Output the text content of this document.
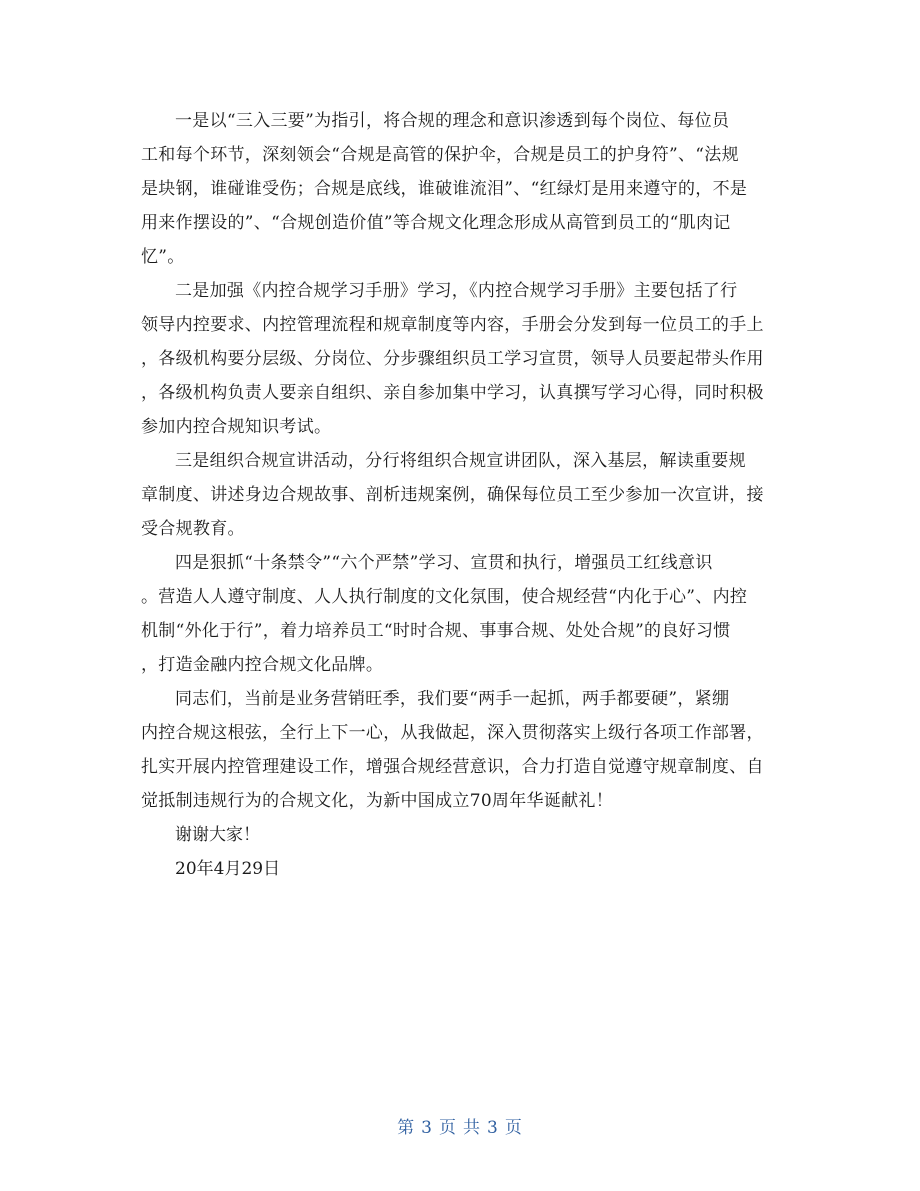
一是以“三入三要”为指引，将合规的理念和意识渗透到每个岗位、每位员
工和每个环节，深刻领会“合规是高管的保护伞，合规是员工的护身符”、“法规
是块钢，谁碰谁受伤；合规是底线，谁破谁流泪”、“红绿灯是用来遵守的，不是
用来作摆设的”、“合规创造价值”等合规文化理念形成从高管到员工的“肌肉记
忆”。
二是加强《内控合规学习手册》学习，《内控合规学习手册》主要包括了行
领导内控要求、内控管理流程和规章制度等内容，手册会分发到每一位员工的手上
，各级机构要分层级、分岗位、分步骤组织员工学习宣贯，领导人员要起带头作用
，各级机构负责人要亲自组织、亲自参加集中学习，认真撰写学习心得，同时积极
参加内控合规知识考试。
三是组织合规宣讲活动，分行将组织合规宣讲团队，深入基层，解读重要规
章制度、讲述身边合规故事、剖析违规案例，确保每位员工至少参加一次宣讲，接
受合规教育。
四是狠抓“十条禁令”“六个严禁”学习、宣贯和执行，增强员工红线意识
。营造人人遵守制度、人人执行制度的文化氛围，使合规经营“内化于心”、内控
机制“外化于行”，着力培养员工“时时合规、事事合规、处处合规”的良好习惯
，打造金融内控合规文化品牌。
同志们，当前是业务营销旺季，我们要“两手一起抓，两手都要硬”，紧绷
内控合规这根弦，全行上下一心，从我做起，深入贯彻落实上级行各项工作部署，
扎实开展内控管理建设工作，增强合规经营意识，合力打造自觉遵守规章制度、自
觉抵制违规行为的合规文化，为新中国成立70周年华诞献礼！

谢谢大家！

20年4月29日

第 3 页 共 3 页
